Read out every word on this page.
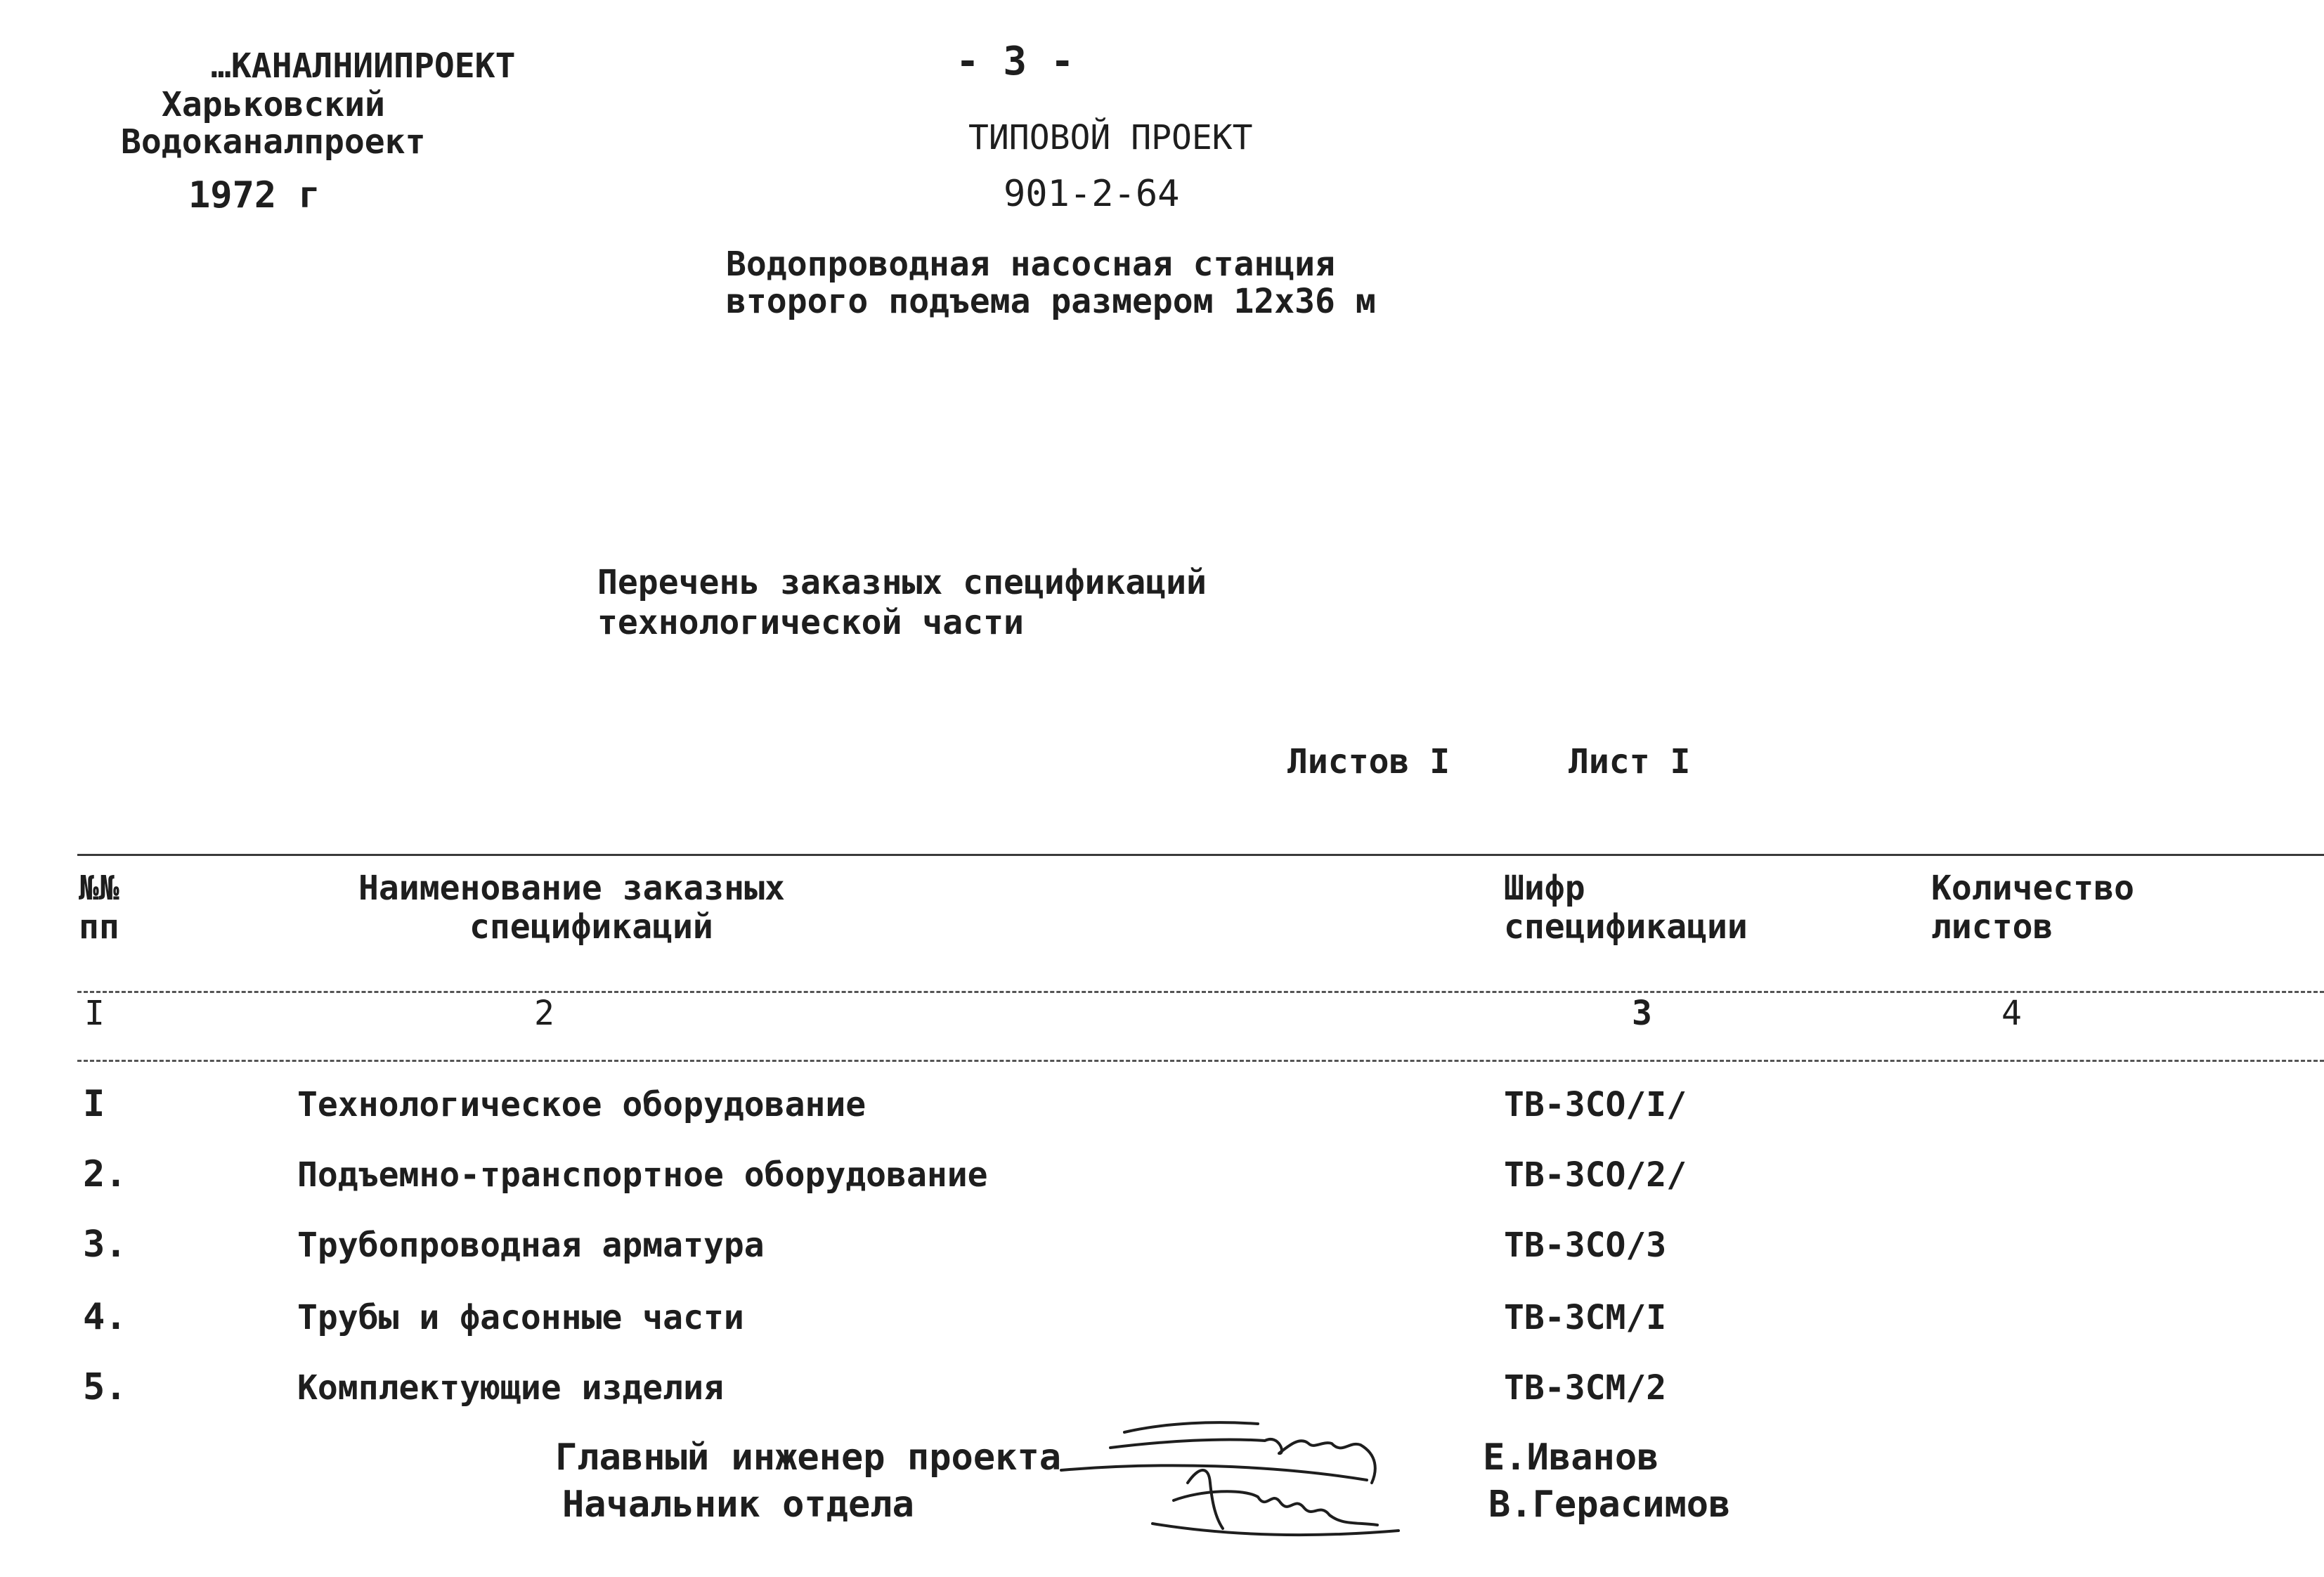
…КАНАЛНИИПРОЕКТ
Харьковский
Водоканалпроект
1972 г
- 3 -
ТИПОВОЙ ПРОЕКТ
901-2-64
Водопроводная насосная станция
второго подъема размером 12х36 м
Перечень заказных спецификаций
технологической части
Листов I	Лист I
№№
пп
Наименование заказных
спецификаций
Шифр
спецификации
Количество
листов
I	2	3	4
I	Технологическое оборудование	ТВ-3СО/I/
2.	Подъемно-транспортное оборудование	ТВ-3СО/2/
3.	Трубопроводная арматура	ТВ-3СО/3
4.	Трубы и фасонные части	ТВ-3СМ/I
5.	Комплектующие изделия	ТВ-3СМ/2
Главный инженер проекта
Начальник отдела
Е.Иванов
В.Герасимов
